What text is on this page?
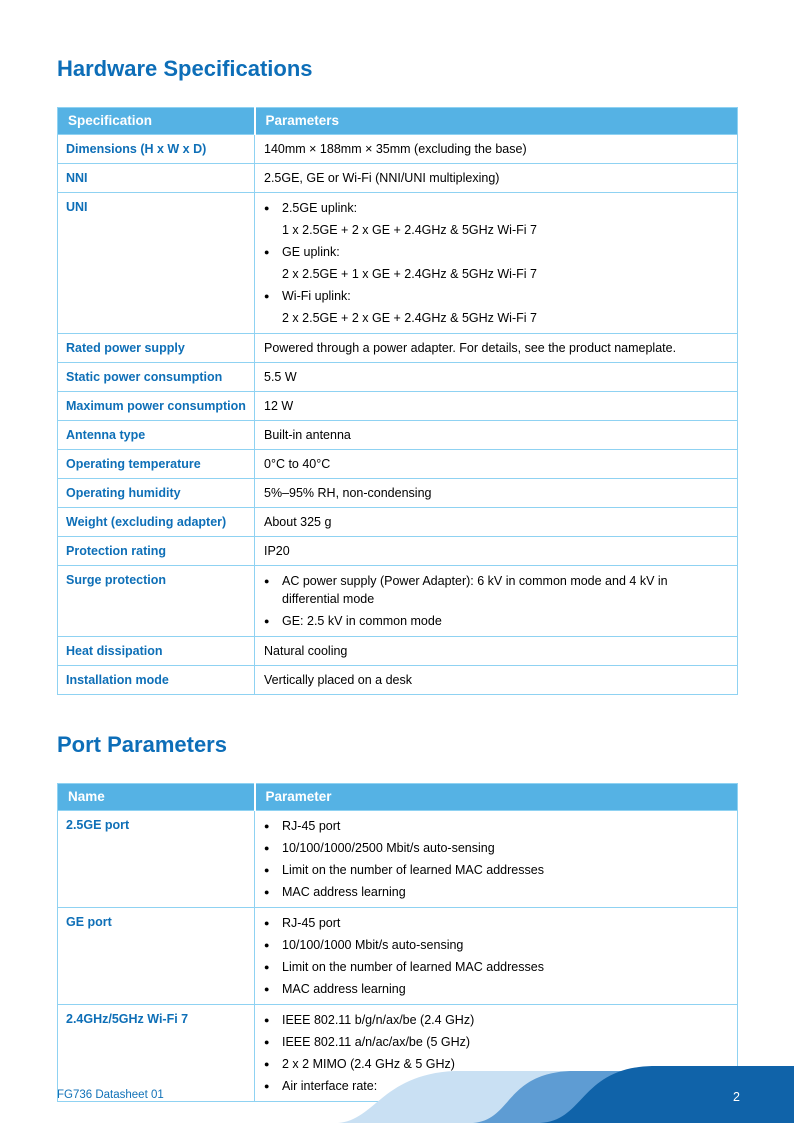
Hardware Specifications
Specification	Parameters
Dimensions (H x W x D)	140mm × 188mm × 35mm (excluding the base)
NNI	2.5GE, GE or Wi-Fi (NNI/UNI multiplexing)
UNI	●	2.5GE uplink:
1 x 2.5GE + 2 x GE + 2.4GHz & 5GHz Wi-Fi 7
●	GE uplink:
2 x 2.5GE + 1 x GE + 2.4GHz & 5GHz Wi-Fi 7
●	Wi-Fi uplink:
2 x 2.5GE + 2 x GE + 2.4GHz & 5GHz Wi-Fi 7

Rated power supply	Powered through a power adapter. For details, see the product nameplate.
Static power consumption	5.5 W
Maximum power consumption	12 W
Antenna type	Built-in antenna
Operating temperature	0°C to 40°C
Operating humidity	5%–95% RH, non-condensing
Weight (excluding adapter)	About 325 g
Protection rating	IP20
Surge protection	● AC power supply (Power Adapter): 6 kV in common mode and 4 kV in differential mode
● GE: 2.5 kV in common mode

Heat dissipation	Natural cooling
Installation mode	Vertically placed on a desk
Port Parameters
Name	Parameter
2.5GE port	●	RJ-45 port
●	10/100/1000/2500 Mbit/s auto-sensing
●	Limit on the number of learned MAC addresses
●	MAC address learning

GE port	●	RJ-45 port
●	10/100/1000 Mbit/s auto-sensing
●	Limit on the number of learned MAC addresses
●	MAC address learning

2.4GHz/5GHz Wi-Fi 7	●	IEEE 802.11 b/g/n/ax/be (2.4 GHz)
●	IEEE 802.11 a/n/ac/ax/be (5 GHz)
●	2 x 2 MIMO (2.4 GHz & 5 GHz)
●	Air interface rate:
FG736 Datasheet 01	2
